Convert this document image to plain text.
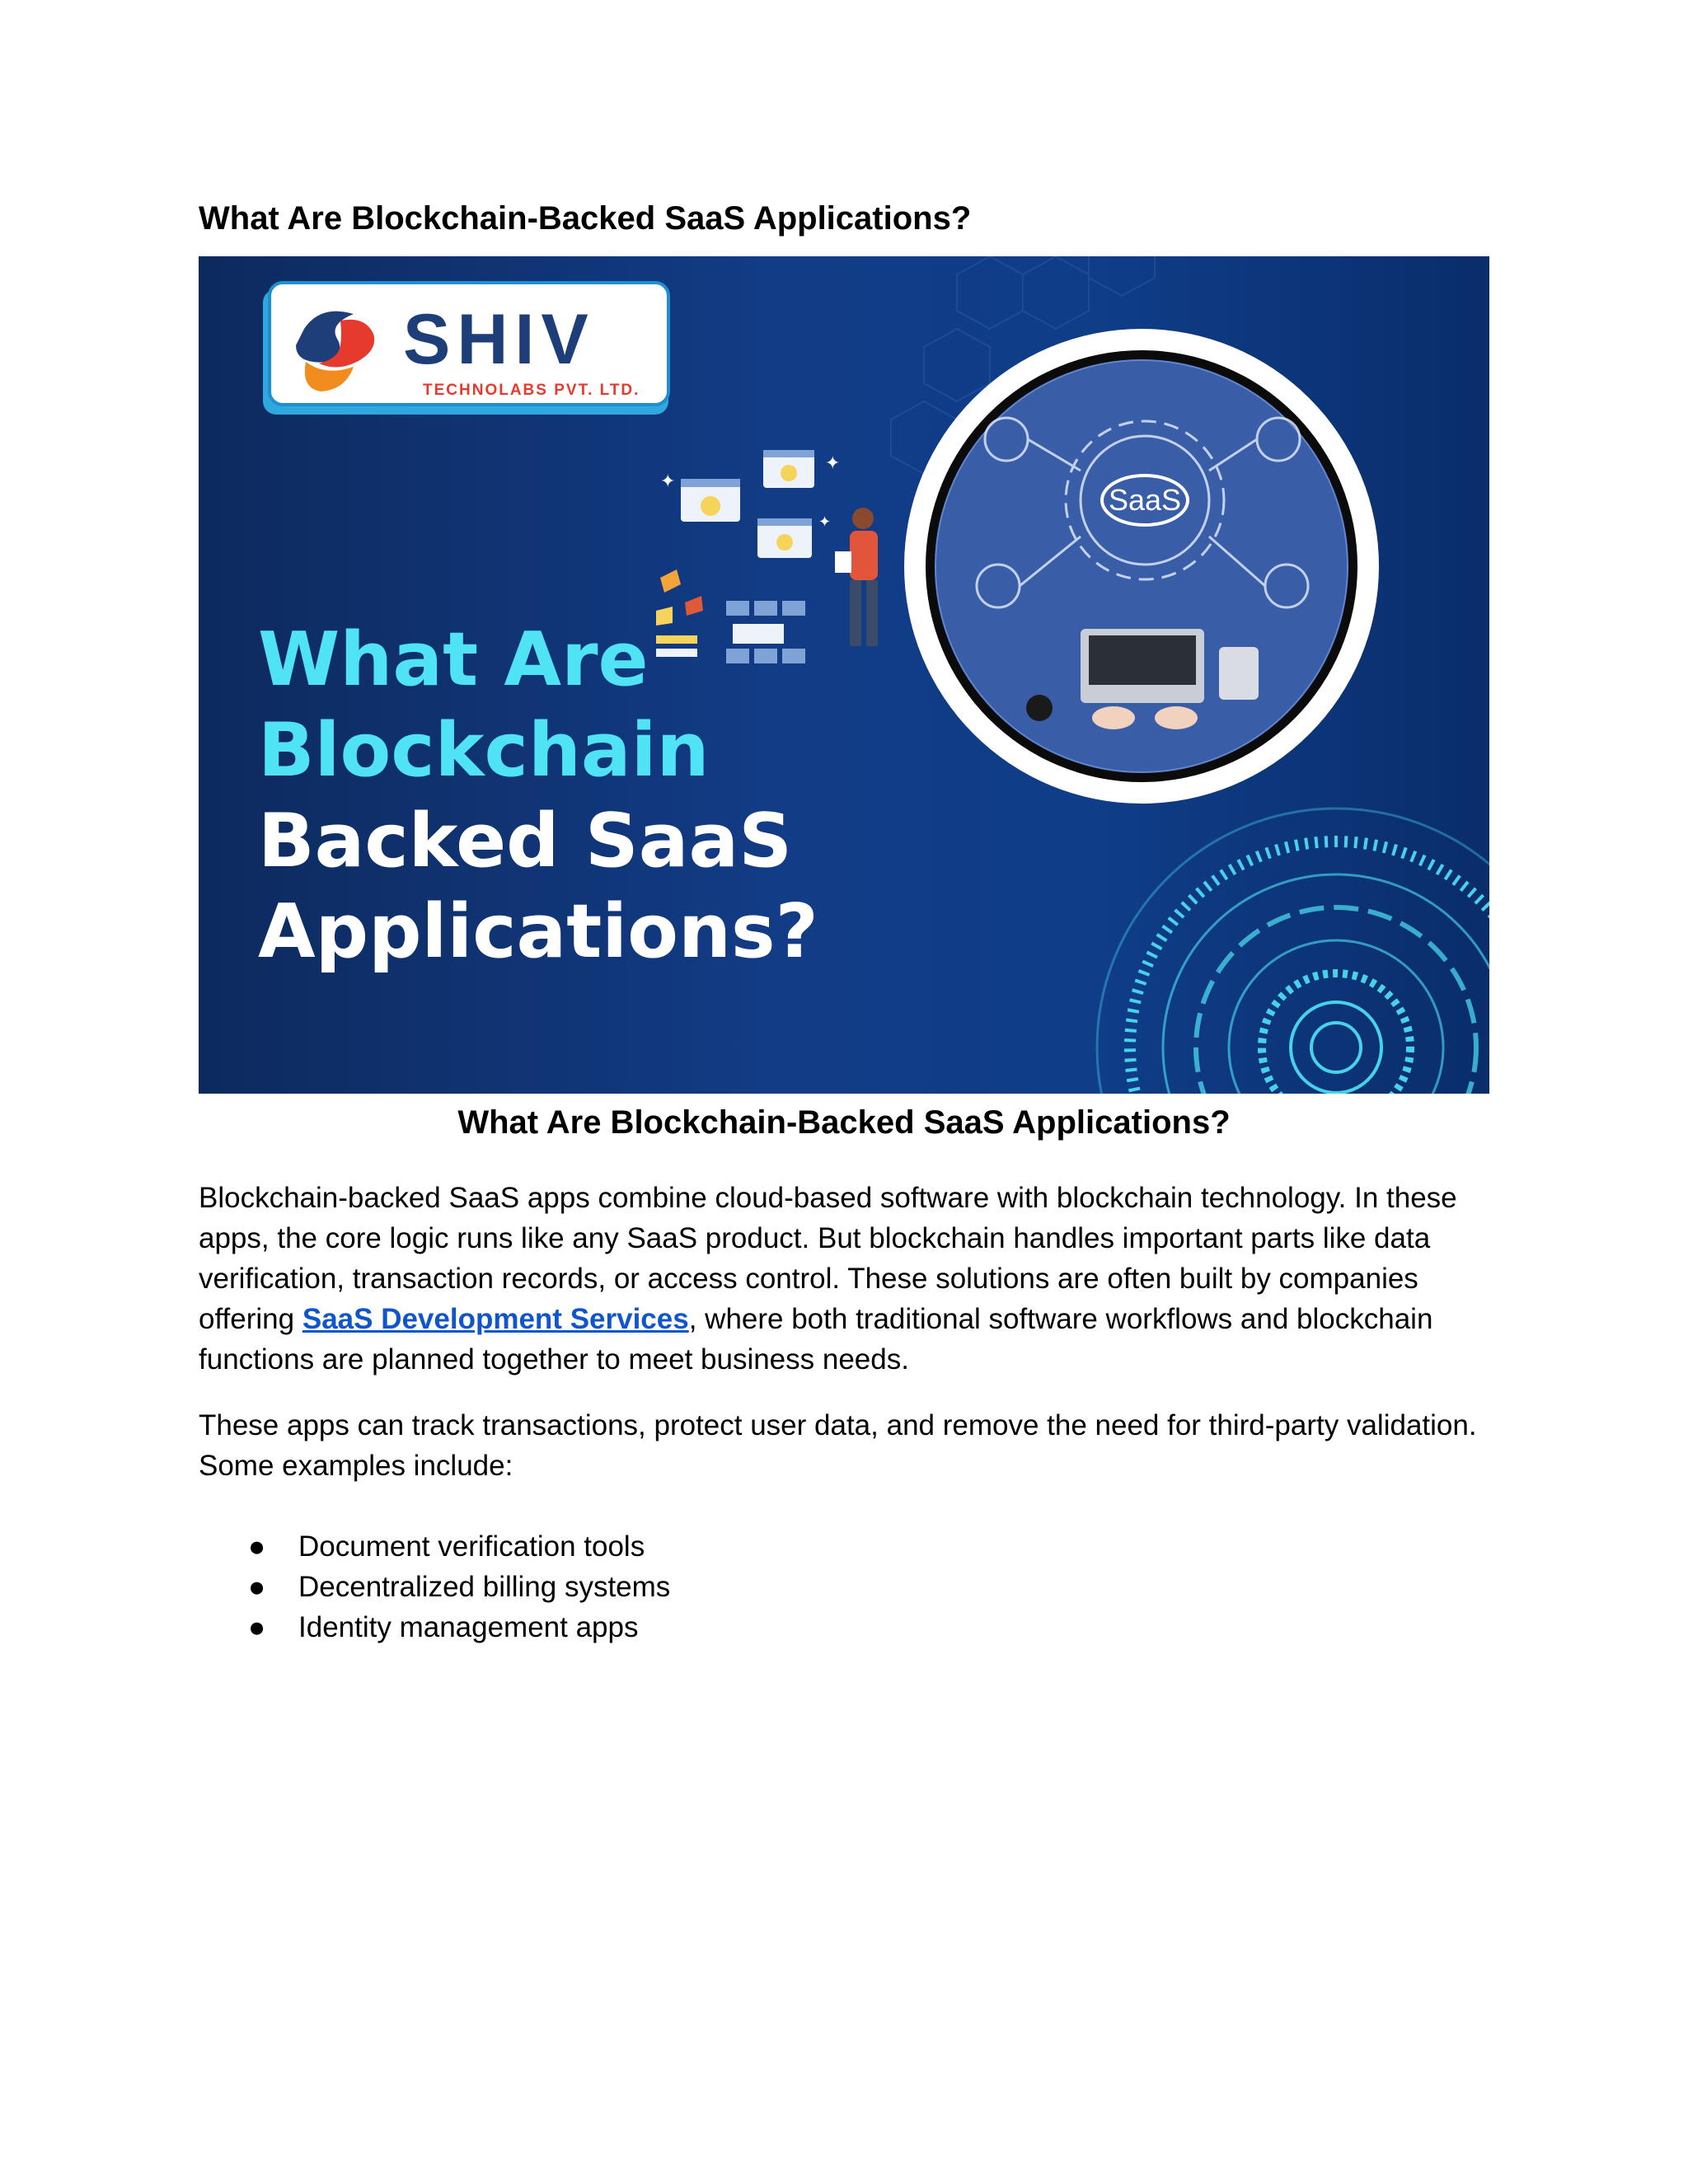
What Are Blockchain-Backed SaaS Applications?
SHIV
TECHNOLABS PVT. LTD.
✦
✦
✦
What Are
Blockchain
Backed SaaS
Applications?
SaaS

What Are Blockchain-Backed SaaS Applications?

Blockchain-backed SaaS apps combine cloud-based software with blockchain technology. In these apps, the core logic runs like any SaaS product. But blockchain handles important parts like data verification, transaction records, or access control. These solutions are often built by companies offering SaaS Development Services, where both traditional software workflows and blockchain functions are planned together to meet business needs.

These apps can track transactions, protect user data, and remove the need for third-party validation. Some examples include:

● Document verification tools
● Decentralized billing systems
● Identity management apps
